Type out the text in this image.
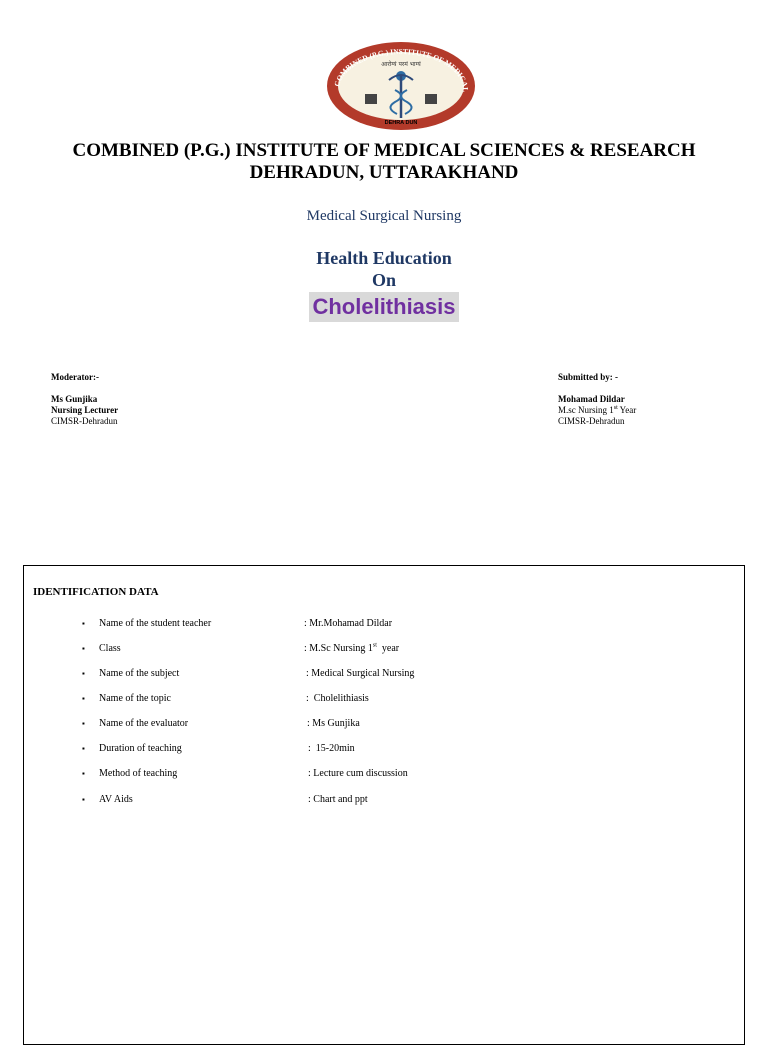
COMBINED (P.G.) INSTITUTE OF MEDICAL
आरोग्यं परमं भाग्यं
DEHRA DUN
COMBINED (P.G.) INSTITUTE OF MEDICAL SCIENCES & RESEARCH
DEHRADUN, UTTARAKHAND
Medical Surgical Nursing
Health Education
On
Cholelithiasis
Moderator:-
Ms Gunjika
Nursing Lecturer
CIMSR-Dehradun
Submitted by: -
Mohamad Dildar
M.sc Nursing 1st Year
CIMSR-Dehradun
IDENTIFICATION DATA
▪	Name of the student teacher	: Mr.Mohamad Dildar
▪	Class	: M.Sc Nursing 1st  year
▪	Name of the subject	: Medical Surgical Nursing
▪	Name of the topic	:  Cholelithiasis
▪	Name of the evaluator	: Ms Gunjika
▪	Duration of teaching	:  15-20min
▪	Method of teaching	: Lecture cum discussion
▪	AV Aids	: Chart and ppt
